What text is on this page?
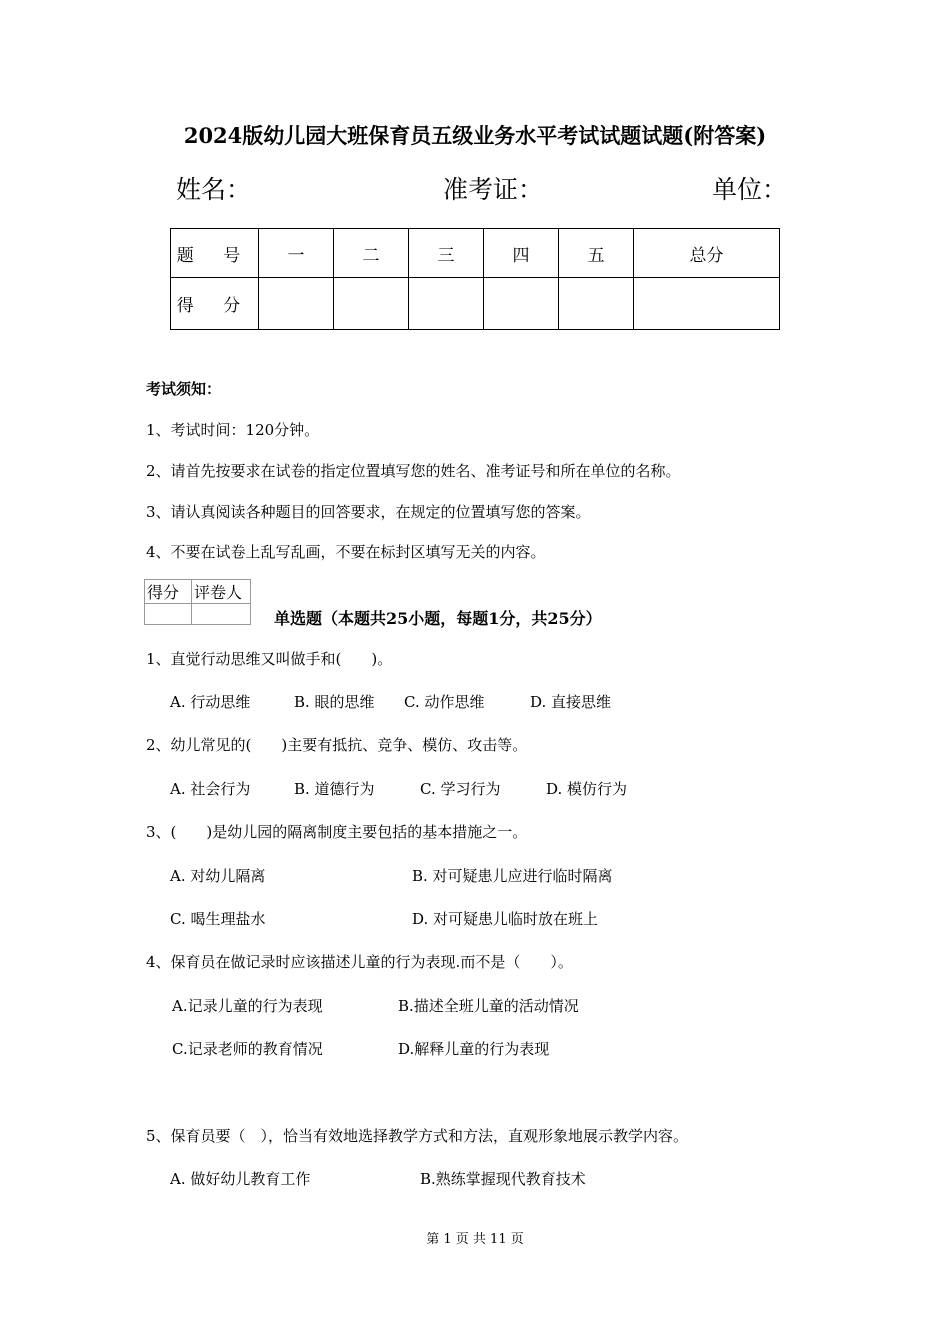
2024版幼儿园大班保育员五级业务水平考试试题试题(附答案)
姓名：	准考证：	单位：
题 号	一	二	三	四	五	总分
得 分						
考试须知：
1、考试时间：120分钟。
2、请首先按要求在试卷的指定位置填写您的姓名、准考证号和所在单位的名称。
3、请认真阅读各种题目的回答要求，在规定的位置填写您的答案。
4、不要在试卷上乱写乱画，不要在标封区填写无关的内容。
得分	评卷人

单选题（本题共25小题，每题1分，共25分）
1、直觉行动思维又叫做手和(　　)。
A. 行动思维	B. 眼的思维 C. 动作思维	D. 直接思维
2、幼儿常见的(　　)主要有抵抗、竞争、模仿、攻击等。
A. 社会行为	B. 道德行为	C. 学习行为	D. 模仿行为
3、(　　)是幼儿园的隔离制度主要包括的基本措施之一。
A. 对幼儿隔离	B. 对可疑患儿应进行临时隔离
C. 喝生理盐水	D. 对可疑患儿临时放在班上
4、保育员在做记录时应该描述儿童的行为表现.而不是（　　）。
A.记录儿童的行为表现	B.描述全班儿童的活动情况
C.记录老师的教育情况	D.解释儿童的行为表现
5、保育员要（　），恰当有效地选择教学方式和方法，直观形象地展示教学内容。
A. 做好幼儿教育工作	B.熟练掌握现代教育技术
第 1 页 共 11 页
